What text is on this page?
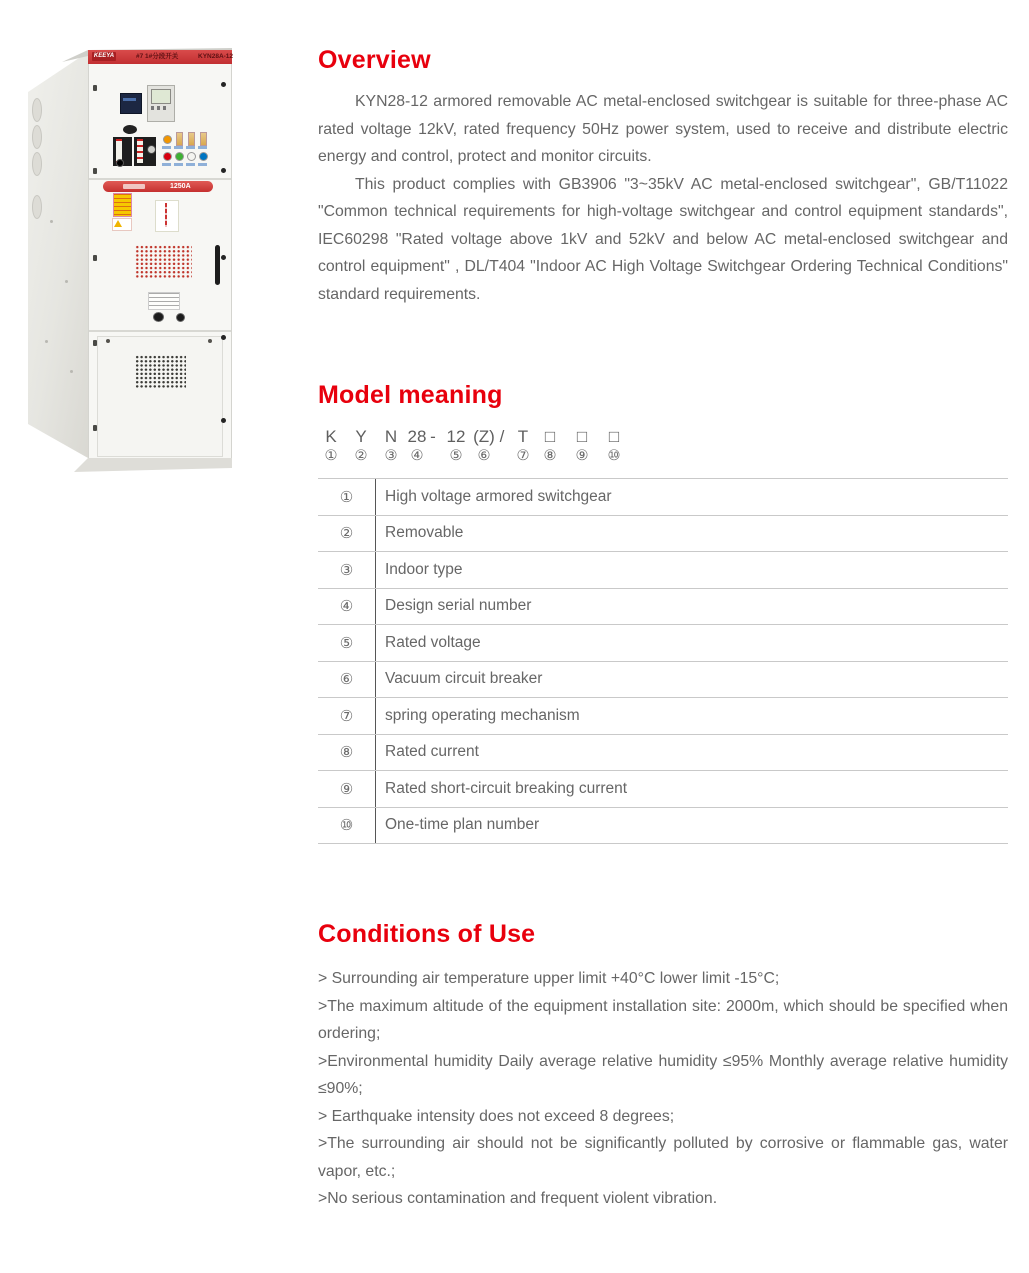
KEEYA	#7 1#分段开关	KYN28A-12
1250A
Overview

KYN28-12 armored removable AC metal-enclosed switchgear is suitable for three-phase AC rated voltage 12kV, rated frequency 50Hz power system, used to receive and distribute electric energy and control, protect and monitor circuits.

This product complies with GB3906 "3~35kV AC metal-enclosed switchgear", GB/T11022 "Common technical requirements for high-voltage switchgear and control equipment standards", IEC60298 "Rated voltage above 1kV and 52kV and below AC metal-enclosed switchgear and control equipment" , DL/T404 "Indoor AC High Voltage Switchgear Ordering Technical Conditions" standard requirements.

Model meaning
K	Y	N 28 - 12 (Z) / T □	□	□
①	②	③ ④	⑤	⑥	⑦ ⑧	⑨	⑩
①	High voltage armored switchgear
②	Removable
③	Indoor type
④	Design serial number
⑤	Rated voltage
⑥	Vacuum circuit breaker
⑦	spring operating mechanism
⑧	Rated current
⑨	Rated short-circuit breaking current
⑩	One-time plan number
Conditions of Use

> Surrounding air temperature upper limit +40°C lower limit -15°C;

>The maximum altitude of the equipment installation site: 2000m, which should be specified when ordering;

>Environmental humidity Daily average relative humidity ≤95% Monthly average relative humidity ≤90%;

> Earthquake intensity does not exceed 8 degrees;

>The surrounding air should not be significantly polluted by corrosive or flammable gas, water vapor, etc.;

>No serious contamination and frequent violent vibration.
